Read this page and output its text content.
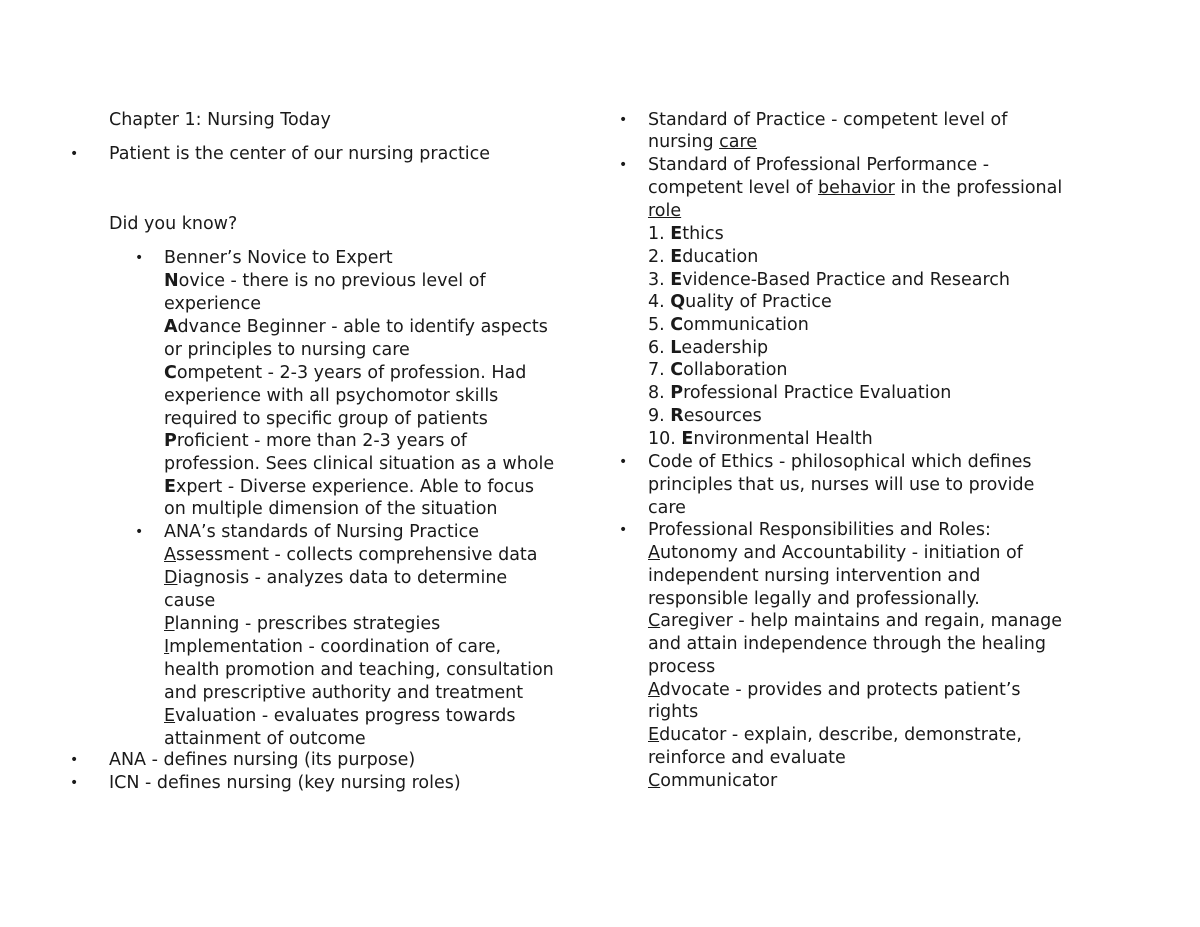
Chapter 1: Nursing Today
• Patient is the center of our nursing practice
Did you know?
• Benner’s Novice to Expert
Novice - there is no previous level of
experience
Advance Beginner - able to identify aspects
or principles to nursing care
Competent - 2-3 years of profession. Had
experience with all psychomotor skills
required to specific group of patients
Proficient - more than 2-3 years of
profession. Sees clinical situation as a whole
Expert - Diverse experience. Able to focus
on multiple dimension of the situation
• ANA’s standards of Nursing Practice
Assessment - collects comprehensive data
Diagnosis - analyzes data to determine
cause
Planning - prescribes strategies
Implementation - coordination of care,
health promotion and teaching, consultation
and prescriptive authority and treatment
Evaluation - evaluates progress towards
attainment of outcome
• ANA - defines nursing (its purpose)
• ICN - defines nursing (key nursing roles)
• Standard of Practice - competent level of
nursing care
• Standard of Professional Performance -
competent level of behavior in the professional
role
1. Ethics
2. Education
3. Evidence-Based Practice and Research
4. Quality of Practice
5. Communication
6. Leadership
7. Collaboration
8. Professional Practice Evaluation
9. Resources
10. Environmental Health
• Code of Ethics - philosophical which defines
principles that us, nurses will use to provide
care
• Professional Responsibilities and Roles:
Autonomy and Accountability - initiation of
independent nursing intervention and
responsible legally and professionally.
Caregiver - help maintains and regain, manage
and attain independence through the healing
process
Advocate - provides and protects patient’s
rights
Educator - explain, describe, demonstrate,
reinforce and evaluate
Communicator
